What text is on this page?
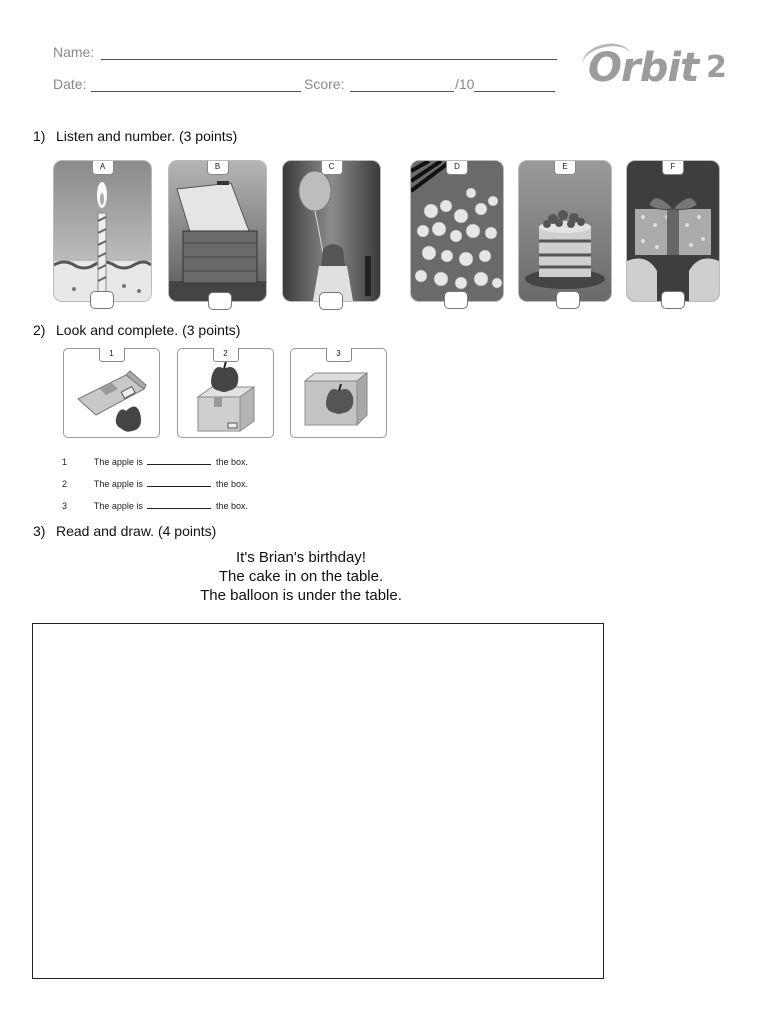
Name:
Date:	Score:	/10	Orbit 2
1) Listen and number. (3 points)
A	B	C	D	E	F
2) Look and complete. (3 points)
1	2	3
1	The apple is	the box.
2	The apple is	the box.
3	The apple is	the box.
3) Read and draw. (4 points)
It's Brian's birthday!
The cake in on the table.
The balloon is under the table.
